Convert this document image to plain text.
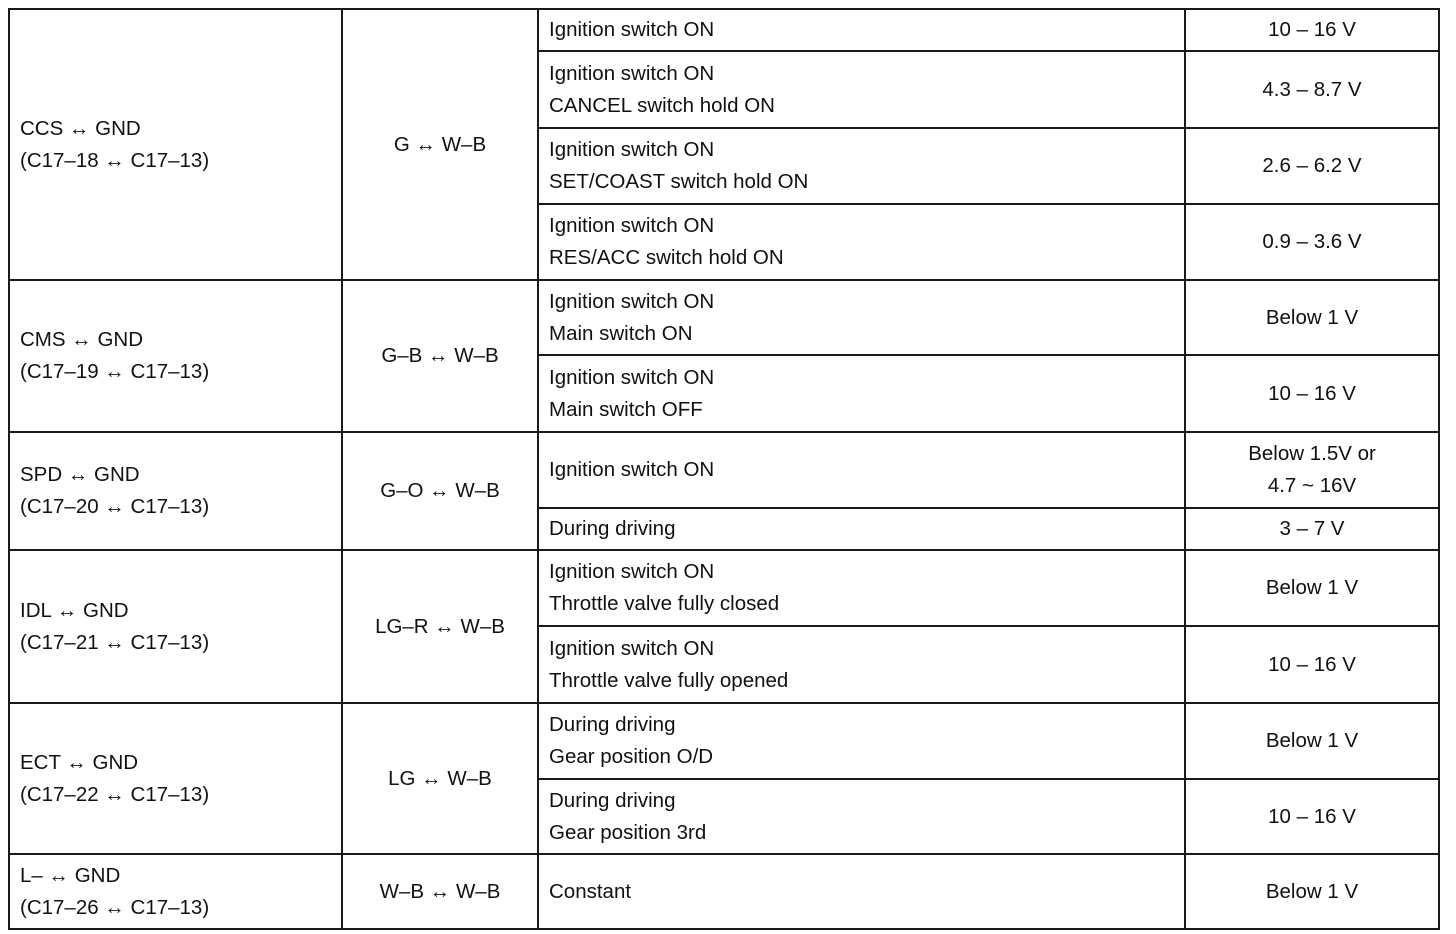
CCS ↔ GND
(C17–18 ↔ C17–13)	G ↔ W–B	Ignition switch ON	10 – 16 V

		Ignition switch ON
CANCEL switch hold ON	4.3 – 8.7 V

		Ignition switch ON
SET/COAST switch hold ON	2.6 – 6.2 V

		Ignition switch ON
RES/ACC switch hold ON	0.9 – 3.6 V

CMS ↔ GND
(C17–19 ↔ C17–13)	G–B ↔ W–B	Ignition switch ON
Main switch ON	Below 1 V

		Ignition switch ON
Main switch OFF	10 – 16 V

SPD ↔ GND
(C17–20 ↔ C17–13)	G–O ↔ W–B	Ignition switch ON	Below 1.5V or
4.7 ~ 16V

		During driving	3 – 7 V

IDL ↔ GND
(C17–21 ↔ C17–13)	LG–R ↔ W–B	Ignition switch ON
Throttle valve fully closed	Below 1 V

		Ignition switch ON
Throttle valve fully opened	10 – 16 V

ECT ↔ GND
(C17–22 ↔ C17–13)	LG ↔ W–B	During driving
Gear position O/D	Below 1 V

		During driving
Gear position 3rd	10 – 16 V

L– ↔ GND
(C17–26 ↔ C17–13)	W–B ↔ W–B	Constant	Below 1 V
